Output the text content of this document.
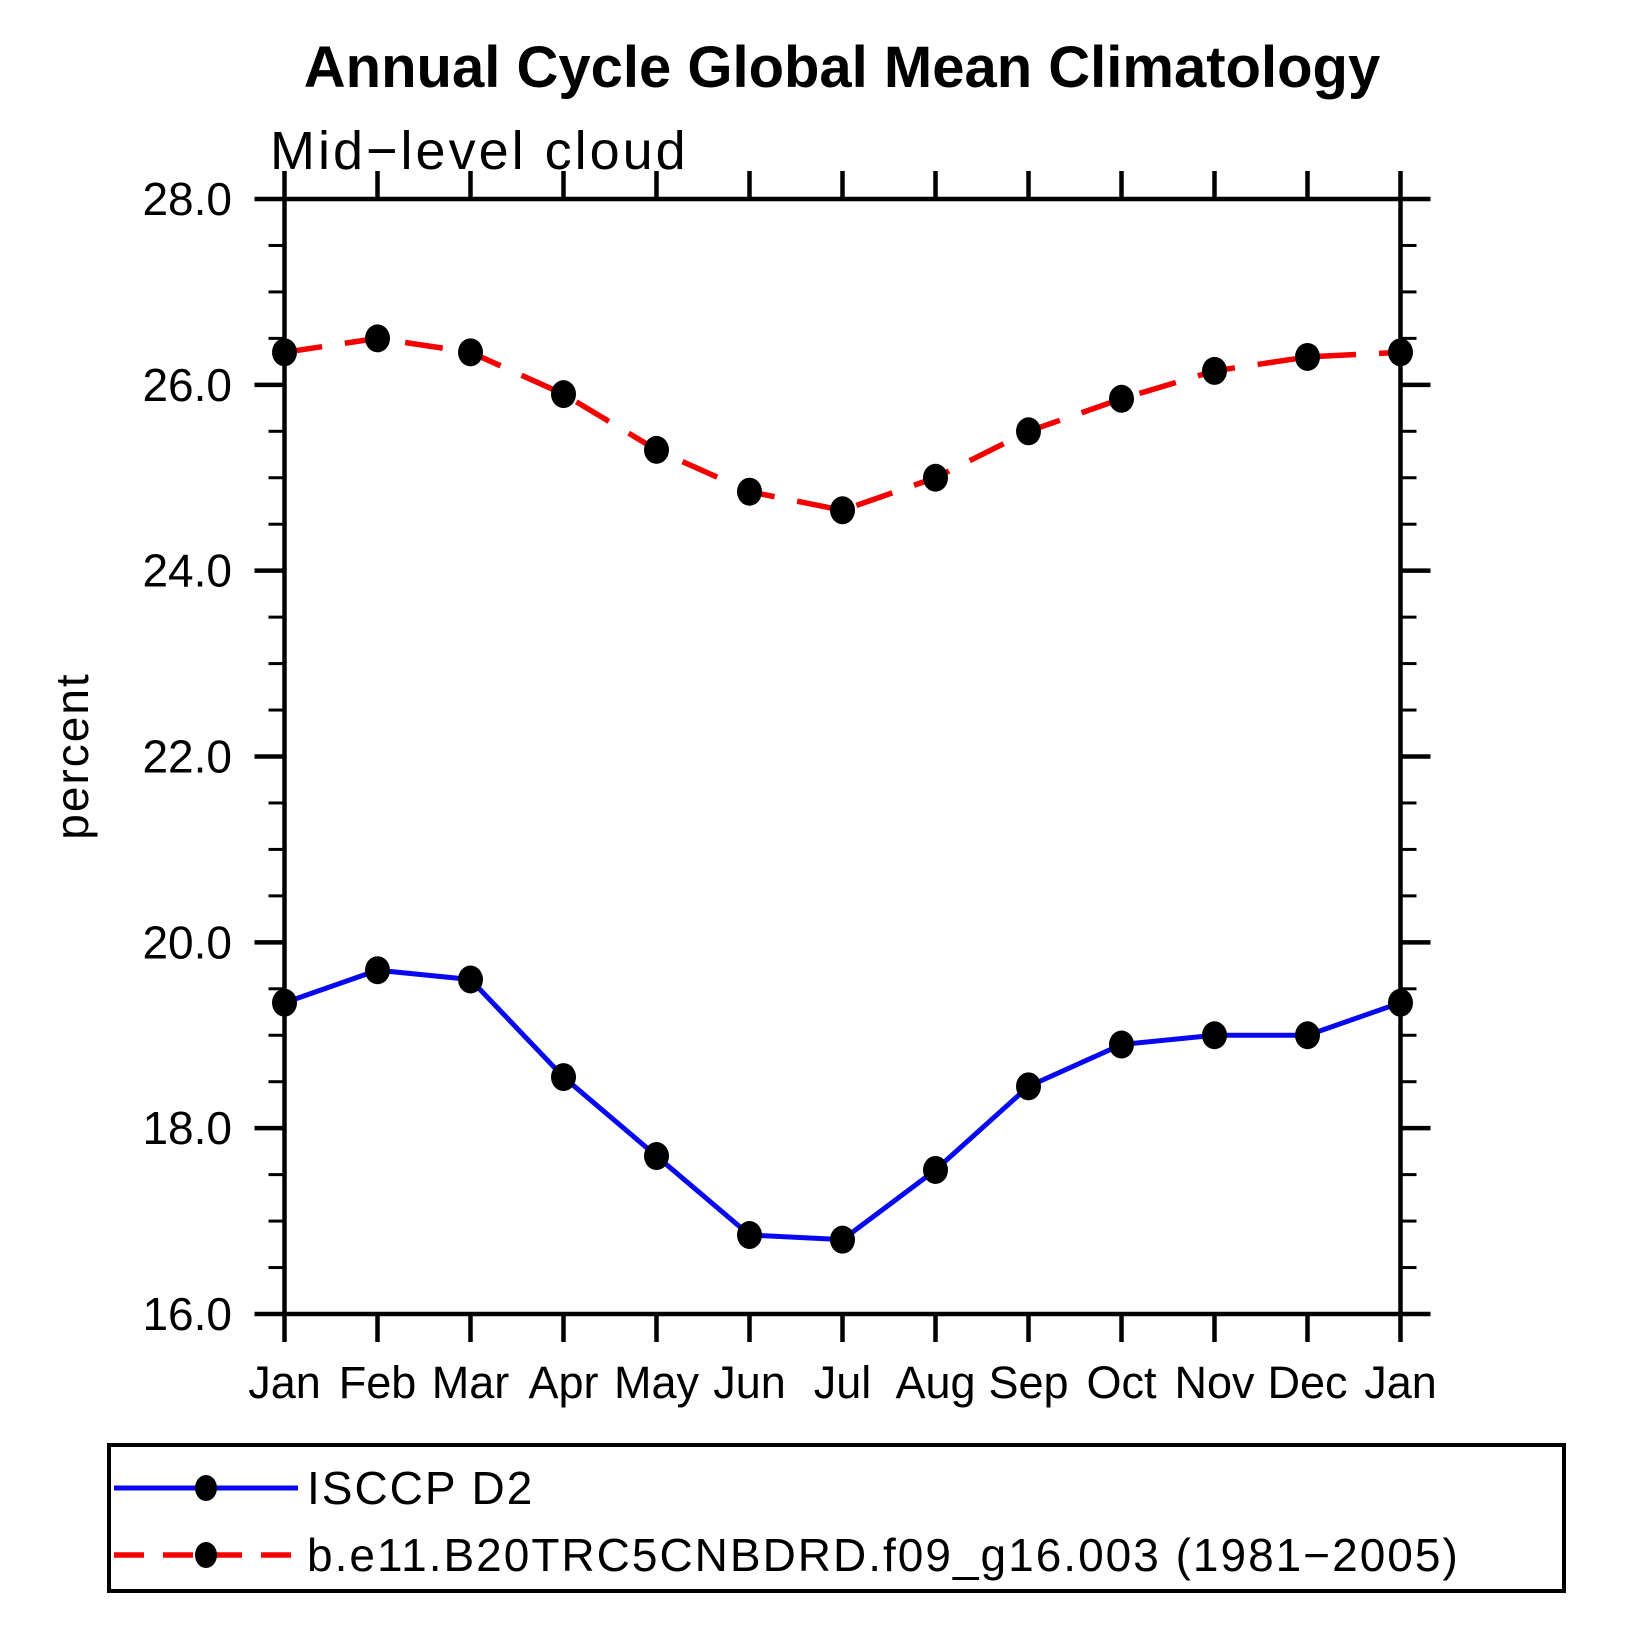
Annual Cycle Global Mean Climatology
Mid−level cloud
16.0
18.0
20.0
22.0
24.0
26.0
28.0
Jan Feb Mar Apr May Jun Jul Aug Sep Oct Nov Dec Jan
percent
ISCCP D2
b.e11.B20TRC5CNBDRD.f09_g16.003 (1981−2005)
